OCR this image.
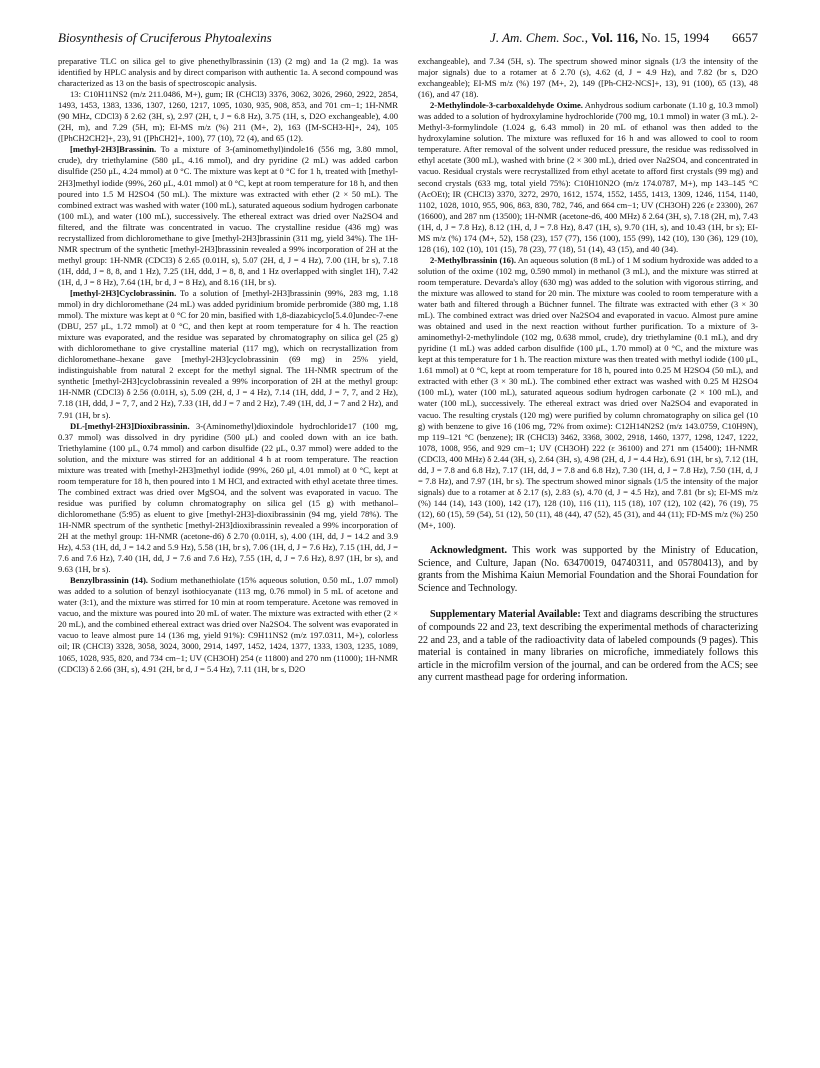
Biosynthesis of Cruciferous Phytoalexins	J. Am. Chem. Soc., Vol. 116, No. 15, 1994 6657

preparative TLC on silica gel to give phenethylbrassinin (13) (2 mg) and 1a (2 mg). 1a was identified by HPLC analysis and by direct comparison with authentic 1a. A second compound was characterized as 13 on the basis of spectroscopic analysis.

13: C10H11NS2 (m/z 211.0486, M+), gum; IR (CHCl3) 3376, 3062, 3026, 2960, 2922, 2854, 1493, 1453, 1383, 1336, 1307, 1260, 1217, 1095, 1030, 935, 908, 853, and 701 cm−1; 1H-NMR (90 MHz, CDCl3) δ 2.62 (3H, s), 2.97 (2H, t, J = 6.8 Hz), 3.75 (1H, s, D2O exchangeable), 4.00 (2H, m), and 7.29 (5H, m); EI-MS m/z (%) 211 (M+, 2), 163 ([M-SCH3-H]+, 24), 105 ([PhCH2CH2]+, 23), 91 ([PhCH2]+, 100), 77 (10), 72 (4), and 65 (12).

[methyl-2H3]Brassinin. To a mixture of 3-(aminomethyl)indole16 (556 mg, 3.80 mmol, crude), dry triethylamine (580 μL, 4.16 mmol), and dry pyridine (2 mL) was added carbon disulfide (250 μL, 4.24 mmol) at 0 °C. The mixture was kept at 0 °C for 1 h, treated with [methyl-2H3]methyl iodide (99%, 260 μL, 4.01 mmol) at 0 °C, kept at room temperature for 18 h, and then poured into 1.5 M H2SO4 (50 mL). The mixture was extracted with ether (2 × 50 mL). The combined extract was washed with water (100 mL), saturated aqueous sodium hydrogen carbonate (100 mL), and water (100 mL), successively. The ethereal extract was dried over Na2SO4 and filtered, and the filtrate was concentrated in vacuo. The crystalline residue (436 mg) was recrystallized from dichloromethane to give [methyl-2H3]brassinin (311 mg, yield 34%). The 1H-NMR spectrum of the synthetic [methyl-2H3]brassinin revealed a 99% incorporation of 2H at the methyl group: 1H-NMR (CDCl3) δ 2.65 (0.01H, s), 5.07 (2H, d, J = 4 Hz), 7.00 (1H, br s), 7.18 (1H, ddd, J = 8, 8, and 1 Hz), 7.25 (1H, ddd, J = 8, 8, and 1 Hz overlapped with singlet 1H), 7.42 (1H, d, J = 8 Hz), 7.64 (1H, br d, J = 8 Hz), and 8.16 (1H, br s).

[methyl-2H3]Cyclobrassinin. To a solution of [methyl-2H3]brassinin (99%, 283 mg, 1.18 mmol) in dry dichloromethane (24 mL) was added pyridinium bromide perbromide (380 mg, 1.18 mmol). The mixture was kept at 0 °C for 20 min, basified with 1,8-diazabicyclo[5.4.0]undec-7-ene (DBU, 257 μL, 1.72 mmol) at 0 °C, and then kept at room temperature for 4 h. The reaction mixture was evaporated, and the residue was separated by chromatography on silica gel (25 g) with dichloromethane to give crystalline material (117 mg), which on recrystallization from dichloromethane–hexane gave [methyl-2H3]cyclobrassinin (69 mg) in 25% yield, indistinguishable from natural 2 except for the methyl signal. The 1H-NMR spectrum of the synthetic [methyl-2H3]cyclobrassinin revealed a 99% incorporation of 2H at the methyl group: 1H-NMR (CDCl3) δ 2.56 (0.01H, s), 5.09 (2H, d, J = 4 Hz), 7.14 (1H, ddd, J = 7, 7, and 2 Hz), 7.18 (1H, ddd, J = 7, 7, and 2 Hz), 7.33 (1H, dd J = 7 and 2 Hz), 7.49 (1H, dd, J = 7 and 2 Hz), and 7.91 (1H, br s).

DL-[methyl-2H3]Dioxibrassinin. 3-(Aminomethyl)dioxindole hydrochloride17 (100 mg, 0.37 mmol) was dissolved in dry pyridine (500 μL) and cooled down with an ice bath. Triethylamine (100 μL, 0.74 mmol) and carbon disulfide (22 μL, 0.37 mmol) were added to the solution, and the mixture was stirred for an additional 4 h at room temperature. The reaction mixture was treated with [methyl-2H3]methyl iodide (99%, 260 μl, 4.01 mmol) at 0 °C, kept at room temperature for 18 h, then poured into 1 M HCl, and extracted with ethyl acetate three times. The combined extract was dried over MgSO4, and the solvent was evaporated in vacuo. The residue was purified by column chromatography on silica gel (15 g) with methanol–dichloromethane (5:95) as eluent to give [methyl-2H3]-dioxibrassinin (94 mg, yield 78%). The 1H-NMR spectrum of the synthetic [methyl-2H3]dioxibrassinin revealed a 99% incorporation of 2H at the methyl group: 1H-NMR (acetone-d6) δ 2.70 (0.01H, s), 4.00 (1H, dd, J = 14.2 and 3.9 Hz), 4.53 (1H, dd, J = 14.2 and 5.9 Hz), 5.58 (1H, br s), 7.06 (1H, d, J = 7.6 Hz), 7.15 (1H, dd, J = 7.6 and 7.6 Hz), 7.40 (1H, dd, J = 7.6 and 7.6 Hz), 7.55 (1H, d, J = 7.6 Hz), 8.97 (1H, br s), and 9.63 (1H, br s).

Benzylbrassinin (14). Sodium methanethiolate (15% aqueous solution, 0.50 mL, 1.07 mmol) was added to a solution of benzyl isothiocyanate (113 mg, 0.76 mmol) in 5 mL of acetone and water (3:1), and the mixture was stirred for 10 min at room temperature. Acetone was removed in vacuo, and the mixture was poured into 20 mL of water. The mixture was extracted with ether (2 × 20 mL), and the combined ethereal extract was dried over Na2SO4. The solvent was evaporated in vacuo to leave almost pure 14 (136 mg, yield 91%): C9H11NS2 (m/z 197.0311, M+), colorless oil; IR (CHCl3) 3328, 3058, 3024, 3000, 2914, 1497, 1452, 1424, 1377, 1333, 1303, 1235, 1089, 1065, 1028, 935, 820, and 734 cm−1; UV (CH3OH) 254 (ε 11800) and 270 nm (11000); 1H-NMR (CDCl3) δ 2.66 (3H, s), 4.91 (2H, br d, J = 5.4 Hz), 7.11 (1H, br s, D2O

exchangeable), and 7.34 (5H, s). The spectrum showed minor signals (1/3 the intensity of the major signals) due to a rotamer at δ 2.70 (s), 4.62 (d, J = 4.9 Hz), and 7.82 (br s, D2O exchangeable); EI-MS m/z (%) 197 (M+, 2), 149 ([Ph-CH2-NCS]+, 13), 91 (100), 65 (13), 48 (16), and 47 (18).

2-Methylindole-3-carboxaldehyde Oxime. Anhydrous sodium carbonate (1.10 g, 10.3 mmol) was added to a solution of hydroxylamine hydrochloride (700 mg, 10.1 mmol) in water (3 mL). 2-Methyl-3-formylindole (1.024 g, 6.43 mmol) in 20 mL of ethanol was then added to the hydroxylamine solution. The mixture was refluxed for 16 h and was allowed to cool to room temperature. After removal of the solvent under reduced pressure, the residue was redissolved in ethyl acetate (300 mL), washed with brine (2 × 300 mL), dried over Na2SO4, and concentrated in vacuo. Residual crystals were recrystallized from ethyl acetate to afford first crystals (99 mg) and second crystals (633 mg, total yield 75%): C10H10N2O (m/z 174.0787, M+), mp 143–145 °C (AcOEt); IR (CHCl3) 3370, 3272, 2970, 1612, 1574, 1552, 1455, 1413, 1309, 1246, 1154, 1140, 1102, 1028, 1010, 955, 906, 863, 830, 782, 746, and 664 cm−1; UV (CH3OH) 226 (ε 23300), 267 (16600), and 287 nm (13500); 1H-NMR (acetone-d6, 400 MHz) δ 2.64 (3H, s), 7.18 (2H, m), 7.43 (1H, d, J = 7.8 Hz), 8.12 (1H, d, J = 7.8 Hz), 8.47 (1H, s), 9.70 (1H, s), and 10.43 (1H, br s); EI-MS m/z (%) 174 (M+, 52), 158 (23), 157 (77), 156 (100), 155 (99), 142 (10), 130 (36), 129 (10), 128 (16), 102 (10), 101 (15), 78 (23), 77 (18), 51 (14), 43 (15), and 40 (34).

2-Methylbrassinin (16). An aqueous solution (8 mL) of 1 M sodium hydroxide was added to a solution of the oxime (102 mg, 0.590 mmol) in methanol (3 mL), and the mixture was stirred at room temperature. Devarda's alloy (630 mg) was added to the solution with vigorous stirring, and the mixture was allowed to stand for 20 min. The mixture was cooled to room temperature with a water bath and filtered through a Büchner funnel. The filtrate was extracted with ether (3 × 30 mL). The combined extract was dried over Na2SO4 and evaporated in vacuo. Almost pure amine was obtained and used in the next reaction without further purification. To a mixture of 3-aminomethyl-2-methylindole (102 mg, 0.638 mmol, crude), dry triethylamine (0.1 mL), and dry pyridine (1 mL) was added carbon disulfide (100 μL, 1.70 mmol) at 0 °C, and the mixture was kept at this temperature for 1 h. The reaction mixture was then treated with methyl iodide (100 μL, 1.61 mmol) at 0 °C, kept at room temperature for 18 h, poured into 0.25 M H2SO4 (50 mL), and extracted with ether (3 × 30 mL). The combined ether extract was washed with 0.25 M H2SO4 (100 mL), water (100 mL), saturated aqueous sodium hydrogen carbonate (2 × 100 mL), and water (100 mL), successively. The ethereal extract was dried over Na2SO4 and evaporated in vacuo. The resulting crystals (120 mg) were purified by column chromatography on silica gel (10 g) with benzene to give 16 (106 mg, 72% from oxime): C12H14N2S2 (m/z 143.0759, C10H9N), mp 119–121 °C (benzene); IR (CHCl3) 3462, 3368, 3002, 2918, 1460, 1377, 1298, 1247, 1222, 1078, 1008, 956, and 929 cm−1; UV (CH3OH) 222 (ε 36100) and 271 nm (15400); 1H-NMR (CDCl3, 400 MHz) δ 2.44 (3H, s), 2.64 (3H, s), 4.98 (2H, d, J = 4.4 Hz), 6.91 (1H, br s), 7.12 (1H, dd, J = 7.8 and 6.8 Hz), 7.17 (1H, dd, J = 7.8 and 6.8 Hz), 7.30 (1H, d, J = 7.8 Hz), 7.50 (1H, d, J = 7.8 Hz), and 7.97 (1H, br s). The spectrum showed minor signals (1/5 the intensity of the major signals) due to a rotamer at δ 2.17 (s), 2.83 (s), 4.70 (d, J = 4.5 Hz), and 7.81 (br s); EI-MS m/z (%) 144 (14), 143 (100), 142 (17), 128 (10), 116 (11), 115 (18), 107 (12), 102 (42), 76 (19), 75 (12), 60 (15), 59 (54), 51 (12), 50 (11), 48 (44), 47 (52), 45 (31), and 44 (11); FD-MS m/z (%) 250 (M+, 100).

Acknowledgment. This work was supported by the Ministry of Education, Science, and Culture, Japan (No. 63470019, 04740311, and 05780413), and by grants from the Mishima Kaiun Memorial Foundation and the Shorai Foundation for Science and Technology.

Supplementary Material Available: Text and diagrams describing the structures of compounds 22 and 23, text describing the experimental methods of characterizing 22 and 23, and a table of the radioactivity data of labeled compounds (9 pages). This material is contained in many libraries on microfiche, immediately follows this article in the microfilm version of the journal, and can be ordered from the ACS; see any current masthead page for ordering information.
